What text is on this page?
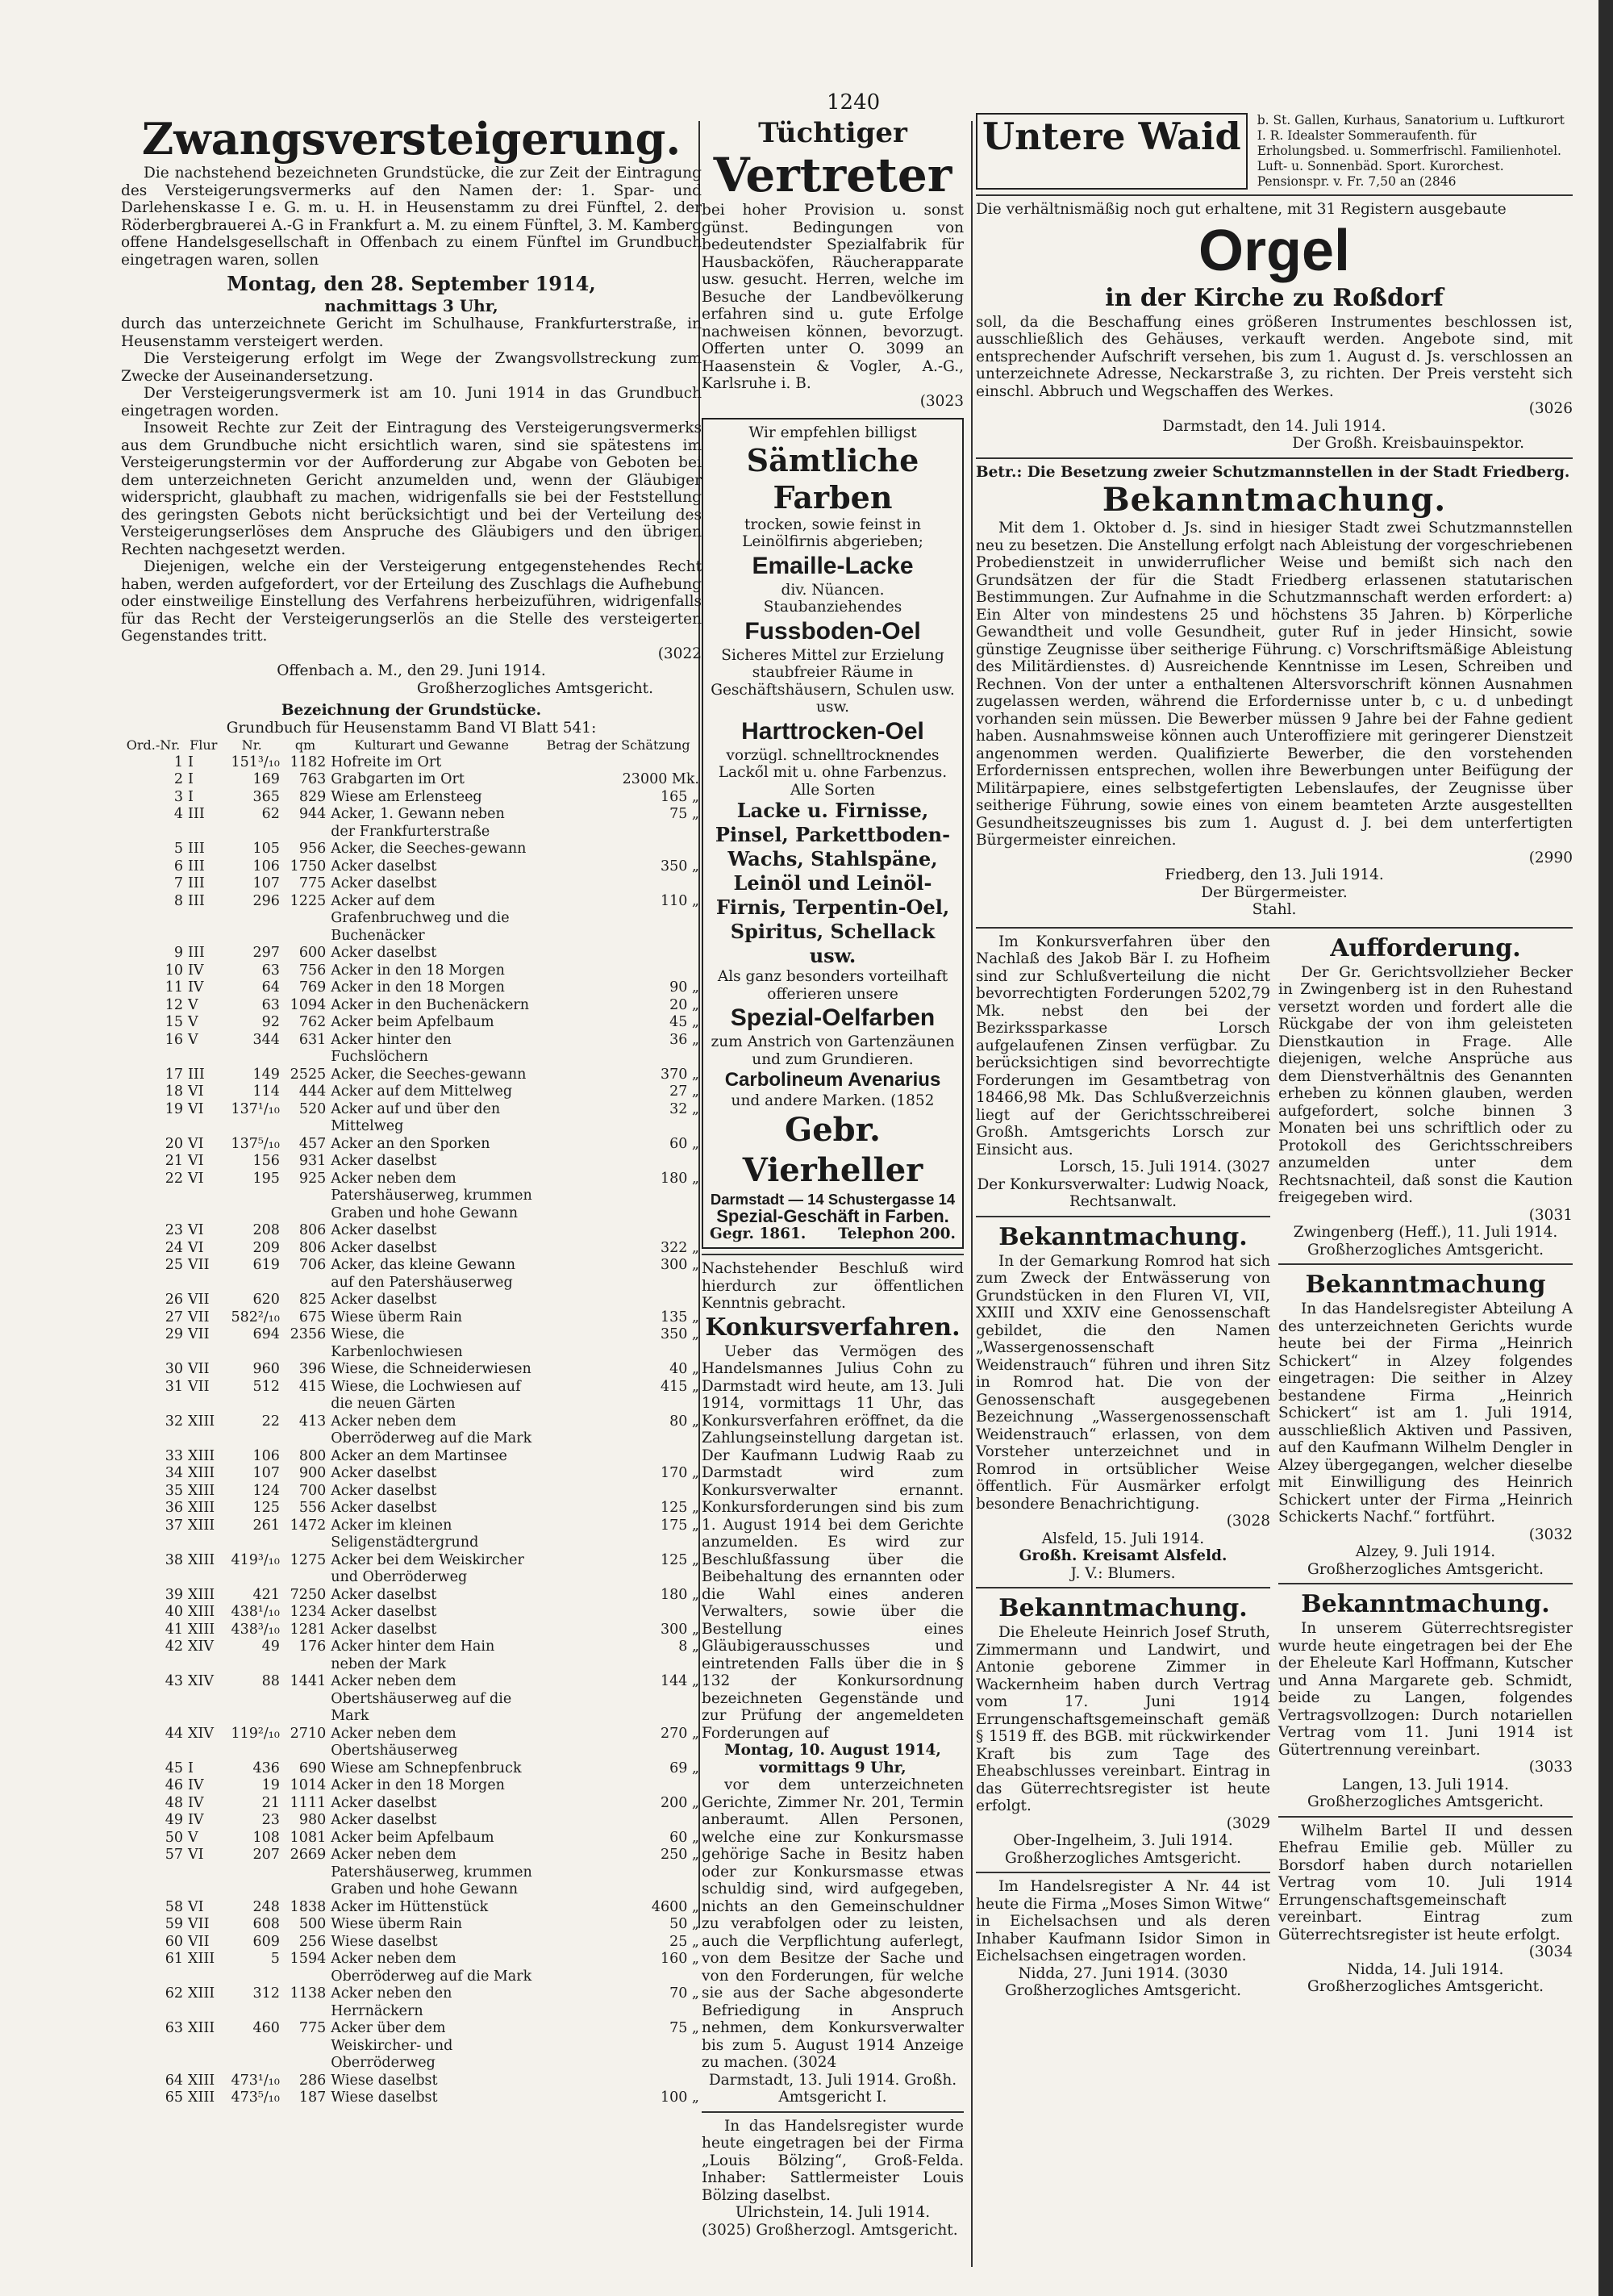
1240
Zwangsversteigerung.

Die nachstehend bezeichneten Grundstücke, die zur Zeit der Eintragung des Versteigerungsvermerks auf den Namen der: 1. Spar- und Darlehenskasse I e. G. m. u. H. in Heusenstamm zu drei Fünftel, 2. der Röderbergbrauerei A.-G in Frankfurt a. M. zu einem Fünftel, 3. M. Kamberg offene Handelsgesellschaft in Offenbach zu einem Fünftel im Grundbuch eingetragen waren, sollen

Montag, den 28. September 1914,
nachmittags 3 Uhr,

durch das unterzeichnete Gericht im Schulhause, Frankfurterstraße, in Heusenstamm versteigert werden.

Die Versteigerung erfolgt im Wege der Zwangsvollstreckung zum Zwecke der Auseinandersetzung.

Der Versteigerungsvermerk ist am 10. Juni 1914 in das Grundbuch eingetragen worden.

Insoweit Rechte zur Zeit der Eintragung des Versteigerungsvermerks aus dem Grundbuche nicht ersichtlich waren, sind sie spätestens im Versteigerungstermin vor der Aufforderung zur Abgabe von Geboten bei dem unterzeichneten Gericht anzumelden und, wenn der Gläubiger widerspricht, glaubhaft zu machen, widrigenfalls sie bei der Feststellung des geringsten Gebots nicht berücksichtigt und bei der Verteilung des Versteigerungserlöses dem Anspruche des Gläubigers und den übrigen Rechten nachgesetzt werden.

Diejenigen, welche ein der Versteigerung entgegenstehendes Recht haben, werden aufgefordert, vor der Erteilung des Zuschlags die Aufhebung oder einstweilige Einstellung des Verfahrens herbeizuführen, widrigenfalls für das Recht der Versteigerungserlös an die Stelle des versteigerten Gegenstandes tritt.

(3022
Offenbach a. M., den 29. Juni 1914.
Großherzogliches Amtsgericht.
Bezeichnung der Grundstücke.
Grundbuch für Heusenstamm Band VI Blatt 541:
Ord.-Nr.	Flur	Nr.	qm	Kulturart und Gewanne	Betrag der Schätzung
1	I	151³/₁₀	1182	Hofreite im Ort	
2	I	169	763	Grabgarten im Ort	23000 Mk.
3	I	365	829	Wiese am Erlensteeg	165 „
4	III	62	944	Acker, 1. Gewann neben der Frankfurterstraße	75 „
5	III	105	956	Acker, die Seeches-gewann	
6	III	106	1750	Acker daselbst	350 „
7	III	107	775	Acker daselbst	
8	III	296	1225	Acker auf dem Grafenbruchweg und die Buchenäcker	110 „
9	III	297	600	Acker daselbst	
10	IV	63	756	Acker in den 18 Morgen	
11	IV	64	769	Acker in den 18 Morgen	90 „
12	V	63	1094	Acker in den Buchenäckern	20 „
15	V	92	762	Acker beim Apfelbaum	45 „
16	V	344	631	Acker hinter den Fuchslöchern	36 „
17	III	149	2525	Acker, die Seeches-gewann	370 „
18	VI	114	444	Acker auf dem Mittelweg	27 „
19	VI	137¹/₁₀	520	Acker auf und über den Mittelweg	32 „
20	VI	137⁵/₁₀	457	Acker an den Sporken	60 „
21	VI	156	931	Acker daselbst	
22	VI	195	925	Acker neben dem Patershäuserweg, krummen Graben und hohe Gewann	180 „
23	VI	208	806	Acker daselbst	
24	VI	209	806	Acker daselbst	322 „
25	VII	619	706	Acker, das kleine Gewann auf den Patershäuserweg	300 „
26	VII	620	825	Acker daselbst	
27	VII	582²/₁₀	675	Wiese überm Rain	135 „
29	VII	694	2356	Wiese, die Karbenlochwiesen	350 „
30	VII	960	396	Wiese, die Schneiderwiesen	40 „
31	VII	512	415	Wiese, die Lochwiesen auf die neuen Gärten	415 „
32	XIII	22	413	Acker neben dem Oberröderweg auf die Mark	80 „
33	XIII	106	800	Acker an dem Martinsee	
34	XIII	107	900	Acker daselbst	170 „
35	XIII	124	700	Acker daselbst	
36	XIII	125	556	Acker daselbst	125 „
37	XIII	261	1472	Acker im kleinen Seligenstädtergrund	175 „
38	XIII	419³/₁₀	1275	Acker bei dem Weiskircher und Oberröderweg	125 „
39	XIII	421	7250	Acker daselbst	180 „
40	XIII	438¹/₁₀	1234	Acker daselbst	
41	XIII	438³/₁₀	1281	Acker daselbst	300 „
42	XIV	49	176	Acker hinter dem Hain neben der Mark	8 „
43	XIV	88	1441	Acker neben dem Obertshäuserweg auf die Mark	144 „
44	XIV	119²/₁₀	2710	Acker neben dem Obertshäuserweg	270 „
45	I	436	690	Wiese am Schnepfenbruck	69 „
46	IV	19	1014	Acker in den 18 Morgen	
48	IV	21	1111	Acker daselbst	200 „
49	IV	23	980	Acker daselbst	
50	V	108	1081	Acker beim Apfelbaum	60 „
57	VI	207	2669	Acker neben dem Patershäuserweg, krummen Graben und hohe Gewann	250 „
58	VI	248	1838	Acker im Hüttenstück	4600 „
59	VII	608	500	Wiese überm Rain	50 „
60	VII	609	256	Wiese daselbst	25 „
61	XIII	5	1594	Acker neben dem Oberröderweg auf die Mark	160 „
62	XIII	312	1138	Acker neben den Herrnäckern	70 „
63	XIII	460	775	Acker über dem Weiskircher- und Oberröderweg	75 „
64	XIII	473¹/₁₀	286	Wiese daselbst	
65	XIII	473⁵/₁₀	187	Wiese daselbst	100 „
Tüchtiger
Vertreter

bei hoher Provision u. sonst günst. Bedingungen von bedeutendster Spezialfabrik für Hausbacköfen, Räucherapparate usw. gesucht. Herren, welche im Besuche der Landbevölkerung erfahren sind u. gute Erfolge nachweisen können, bevorzugt. Offerten unter O. 3099 an Haasenstein & Vogler, A.-G., Karlsruhe i. B.

(3023
Wir empfehlen billigst
Sämtliche Farben
trocken, sowie feinst in Leinölfirnis abgerieben;
Emaille-Lacke
div. Nüancen.
Staubanziehendes
Fussboden-Oel
Sicheres Mittel zur Erzielung staubfreier Räume in Geschäftshäusern, Schulen usw. usw.
Harttrocken-Oel
vorzügl. schnelltrocknendes Lackől mit u. ohne Farbenzus.
Alle Sorten
Lacke u. Firnisse, Pinsel, Parkettboden-Wachs, Stahlspäne, Leinöl und Leinöl-Firnis, Terpentin-Oel, Spiritus, Schellack usw.
Als ganz besonders vorteilhaft offerieren unsere
Spezial-Oelfarben
zum Anstrich von Gartenzäunen und zum Grundieren.
Carbolineum Avenarius
und andere Marken. (1852
Gebr. Vierheller
Darmstadt — 14 Schustergasse 14
Spezial-Geschäft in Farben.
Gegr. 1861. Telephon 200.

Nachstehender Beschluß wird hierdurch zur öffentlichen Kenntnis gebracht.

Konkursverfahren.

Ueber das Vermögen des Handelsmannes Julius Cohn zu Darmstadt wird heute, am 13. Juli 1914, vormittags 11 Uhr, das Konkursverfahren eröffnet, da die Zahlungseinstellung dargetan ist. Der Kaufmann Ludwig Raab zu Darmstadt wird zum Konkursverwalter ernannt. Konkursforderungen sind bis zum 1. August 1914 bei dem Gerichte anzumelden. Es wird zur Beschlußfassung über die Beibehaltung des ernannten oder die Wahl eines anderen Verwalters, sowie über die Bestellung eines Gläubigerausschusses und eintretenden Falls über die in § 132 der Konkursordnung bezeichneten Gegenstände und zur Prüfung der angemeldeten Forderungen auf

Montag, 10. August 1914, vormittags 9 Uhr,

vor dem unterzeichneten Gerichte, Zimmer Nr. 201, Termin anberaumt. Allen Personen, welche eine zur Konkursmasse gehörige Sache in Besitz haben oder zur Konkursmasse etwas schuldig sind, wird aufgegeben, nichts an den Gemeinschuldner zu verabfolgen oder zu leisten, auch die Verpflichtung auferlegt, von dem Besitze der Sache und von den Forderungen, für welche sie aus der Sache abgesonderte Befriedigung in Anspruch nehmen, dem Konkursverwalter bis zum 5. August 1914 Anzeige zu machen. (3024

Darmstadt, 13. Juli 1914. Großh. Amtsgericht I.

In das Handelsregister wurde heute eingetragen bei der Firma „Louis Bölzing“, Groß-Felda. Inhaber: Sattlermeister Louis Bölzing daselbst.

Ulrichstein, 14. Juli 1914.
(3025) Großherzogl. Amtsgericht.
Untere Waid	b. St. Gallen, Kurhaus, Sanatorium u. Luftkurort I. R. Idealster Sommeraufenth. für Erholungsbed. u. Sommerfrischl. Familienhotel. Luft- u. Sonnenbäd. Sport. Kurorchest. Pensionspr. v. Fr. 7,50 an (2846

Die verhältnismäßig noch gut erhaltene, mit 31 Registern ausgebaute

Orgel
in der Kirche zu Roßdorf

soll, da die Beschaffung eines größeren Instrumentes beschlossen ist, ausschließlich des Gehäuses, verkauft werden. Angebote sind, mit entsprechender Aufschrift versehen, bis zum 1. August d. Js. verschlossen an unterzeichnete Adresse, Neckarstraße 3, zu richten. Der Preis versteht sich einschl. Abbruch und Wegschaffen des Werkes.

(3026
Darmstadt, den 14. Juli 1914.
Der Großh. Kreisbauinspektor.

Betr.: Die Besetzung zweier Schutzmannstellen in der Stadt Friedberg.

Bekanntmachung.

Mit dem 1. Oktober d. Js. sind in hiesiger Stadt zwei Schutzmannstellen neu zu besetzen. Die Anstellung erfolgt nach Ableistung der vorgeschriebenen Probedienstzeit in unwiderruflicher Weise und bemißt sich nach den Grundsätzen der für die Stadt Friedberg erlassenen statutarischen Bestimmungen. Zur Aufnahme in die Schutzmannschaft werden erfordert: a) Ein Alter von mindestens 25 und höchstens 35 Jahren. b) Körperliche Gewandtheit und volle Gesundheit, guter Ruf in jeder Hinsicht, sowie günstige Zeugnisse über seitherige Führung. c) Vorschriftsmäßige Ableistung des Militärdienstes. d) Ausreichende Kenntnisse im Lesen, Schreiben und Rechnen. Von der unter a enthaltenen Altersvorschrift können Ausnahmen zugelassen werden, während die Erfordernisse unter b, c u. d unbedingt vorhanden sein müssen. Die Bewerber müssen 9 Jahre bei der Fahne gedient haben. Ausnahmsweise können auch Unteroffiziere mit geringerer Dienstzeit angenommen werden. Qualifizierte Bewerber, die den vorstehenden Erfordernissen entsprechen, wollen ihre Bewerbungen unter Beifügung der Militärpapiere, eines selbstgefertigten Lebenslaufes, der Zeugnisse über seitherige Führung, sowie eines von einem beamteten Arzte ausgestellten Gesundheitszeugnisses bis zum 1. August d. J. bei dem unterfertigten Bürgermeister einreichen.

(2990
Friedberg, den 13. Juli 1914.
Der Bürgermeister.
Stahl.

Im Konkursverfahren über den Nachlaß des Jakob Bär I. zu Hofheim sind zur Schlußverteilung die nicht bevorrechtigten Forderungen 5202,79 Mk. nebst den bei der Bezirkssparkasse Lorsch aufgelaufenen Zinsen verfügbar. Zu berücksichtigen sind bevorrechtigte Forderungen im Gesamtbetrag von 18466,98 Mk. Das Schlußverzeichnis liegt auf der Gerichtsschreiberei Großh. Amtsgerichts Lorsch zur Einsicht aus.

Lorsch, 15. Juli 1914. (3027
Der Konkursverwalter: Ludwig Noack, Rechtsanwalt.
Bekanntmachung.

In der Gemarkung Romrod hat sich zum Zweck der Entwässerung von Grundstücken in den Fluren VI, VII, XXIII und XXIV eine Genossenschaft gebildet, die den Namen „Wassergenossenschaft Weidenstrauch“ führen und ihren Sitz in Romrod hat. Die von der Genossenschaft ausgegebenen Bezeichnung „Wassergenossenschaft Weidenstrauch“ erlassen, von dem Vorsteher unterzeichnet und in Romrod in ortsüblicher Weise öffentlich. Für Ausmärker erfolgt besondere Benachrichtigung.

(3028
Alsfeld, 15. Juli 1914.
Großh. Kreisamt Alsfeld.
J. V.: Blumers.
Bekanntmachung.

Die Eheleute Heinrich Josef Struth, Zimmermann und Landwirt, und Antonie geborene Zimmer in Wackernheim haben durch Vertrag vom 17. Juni 1914 Errungenschaftsgemeinschaft gemäß § 1519 ff. des BGB. mit rückwirkender Kraft bis zum Tage des Eheabschlusses vereinbart. Eintrag in das Güterrechtsregister ist heute erfolgt.

(3029
Ober-Ingelheim, 3. Juli 1914.
Großherzogliches Amtsgericht.

Im Handelsregister A Nr. 44 ist heute die Firma „Moses Simon Witwe“ in Eichelsachsen und als deren Inhaber Kaufmann Isidor Simon in Eichelsachsen eingetragen worden.

Nidda, 27. Juni 1914. (3030
Großherzogliches Amtsgericht.
Aufforderung.

Der Gr. Gerichtsvollzieher Becker in Zwingenberg ist in den Ruhestand versetzt worden und fordert alle die Rückgabe der von ihm geleisteten Dienstkaution in Frage. Alle diejenigen, welche Ansprüche aus dem Dienstverhältnis des Genannten erheben zu können glauben, werden aufgefordert, solche binnen 3 Monaten bei uns schriftlich oder zu Protokoll des Gerichtsschreibers anzumelden unter dem Rechtsnachteil, daß sonst die Kaution freigegeben wird.

(3031
Zwingenberg (Heff.), 11. Juli 1914.
Großherzogliches Amtsgericht.
Bekanntmachung

In das Handelsregister Abteilung A des unterzeichneten Gerichts wurde heute bei der Firma „Heinrich Schickert“ in Alzey folgendes eingetragen: Die seither in Alzey bestandene Firma „Heinrich Schickert“ ist am 1. Juli 1914, ausschließlich Aktiven und Passiven, auf den Kaufmann Wilhelm Dengler in Alzey übergegangen, welcher dieselbe mit Einwilligung des Heinrich Schickert unter der Firma „Heinrich Schickerts Nachf.“ fortführt.

(3032
Alzey, 9. Juli 1914.
Großherzogliches Amtsgericht.
Bekanntmachung.

In unserem Güterrechtsregister wurde heute eingetragen bei der Ehe der Eheleute Karl Hoffmann, Kutscher und Anna Margarete geb. Schmidt, beide zu Langen, folgendes Vertragsvollzogen: Durch notariellen Vertrag vom 11. Juni 1914 ist Gütertrennung vereinbart.

(3033
Langen, 13. Juli 1914.
Großherzogliches Amtsgericht.

Wilhelm Bartel II und dessen Ehefrau Emilie geb. Müller zu Borsdorf haben durch notariellen Vertrag vom 10. Juli 1914 Errungenschaftsgemeinschaft vereinbart. Eintrag zum Güterrechtsregister ist heute erfolgt.

(3034
Nidda, 14. Juli 1914.
Großherzogliches Amtsgericht.
